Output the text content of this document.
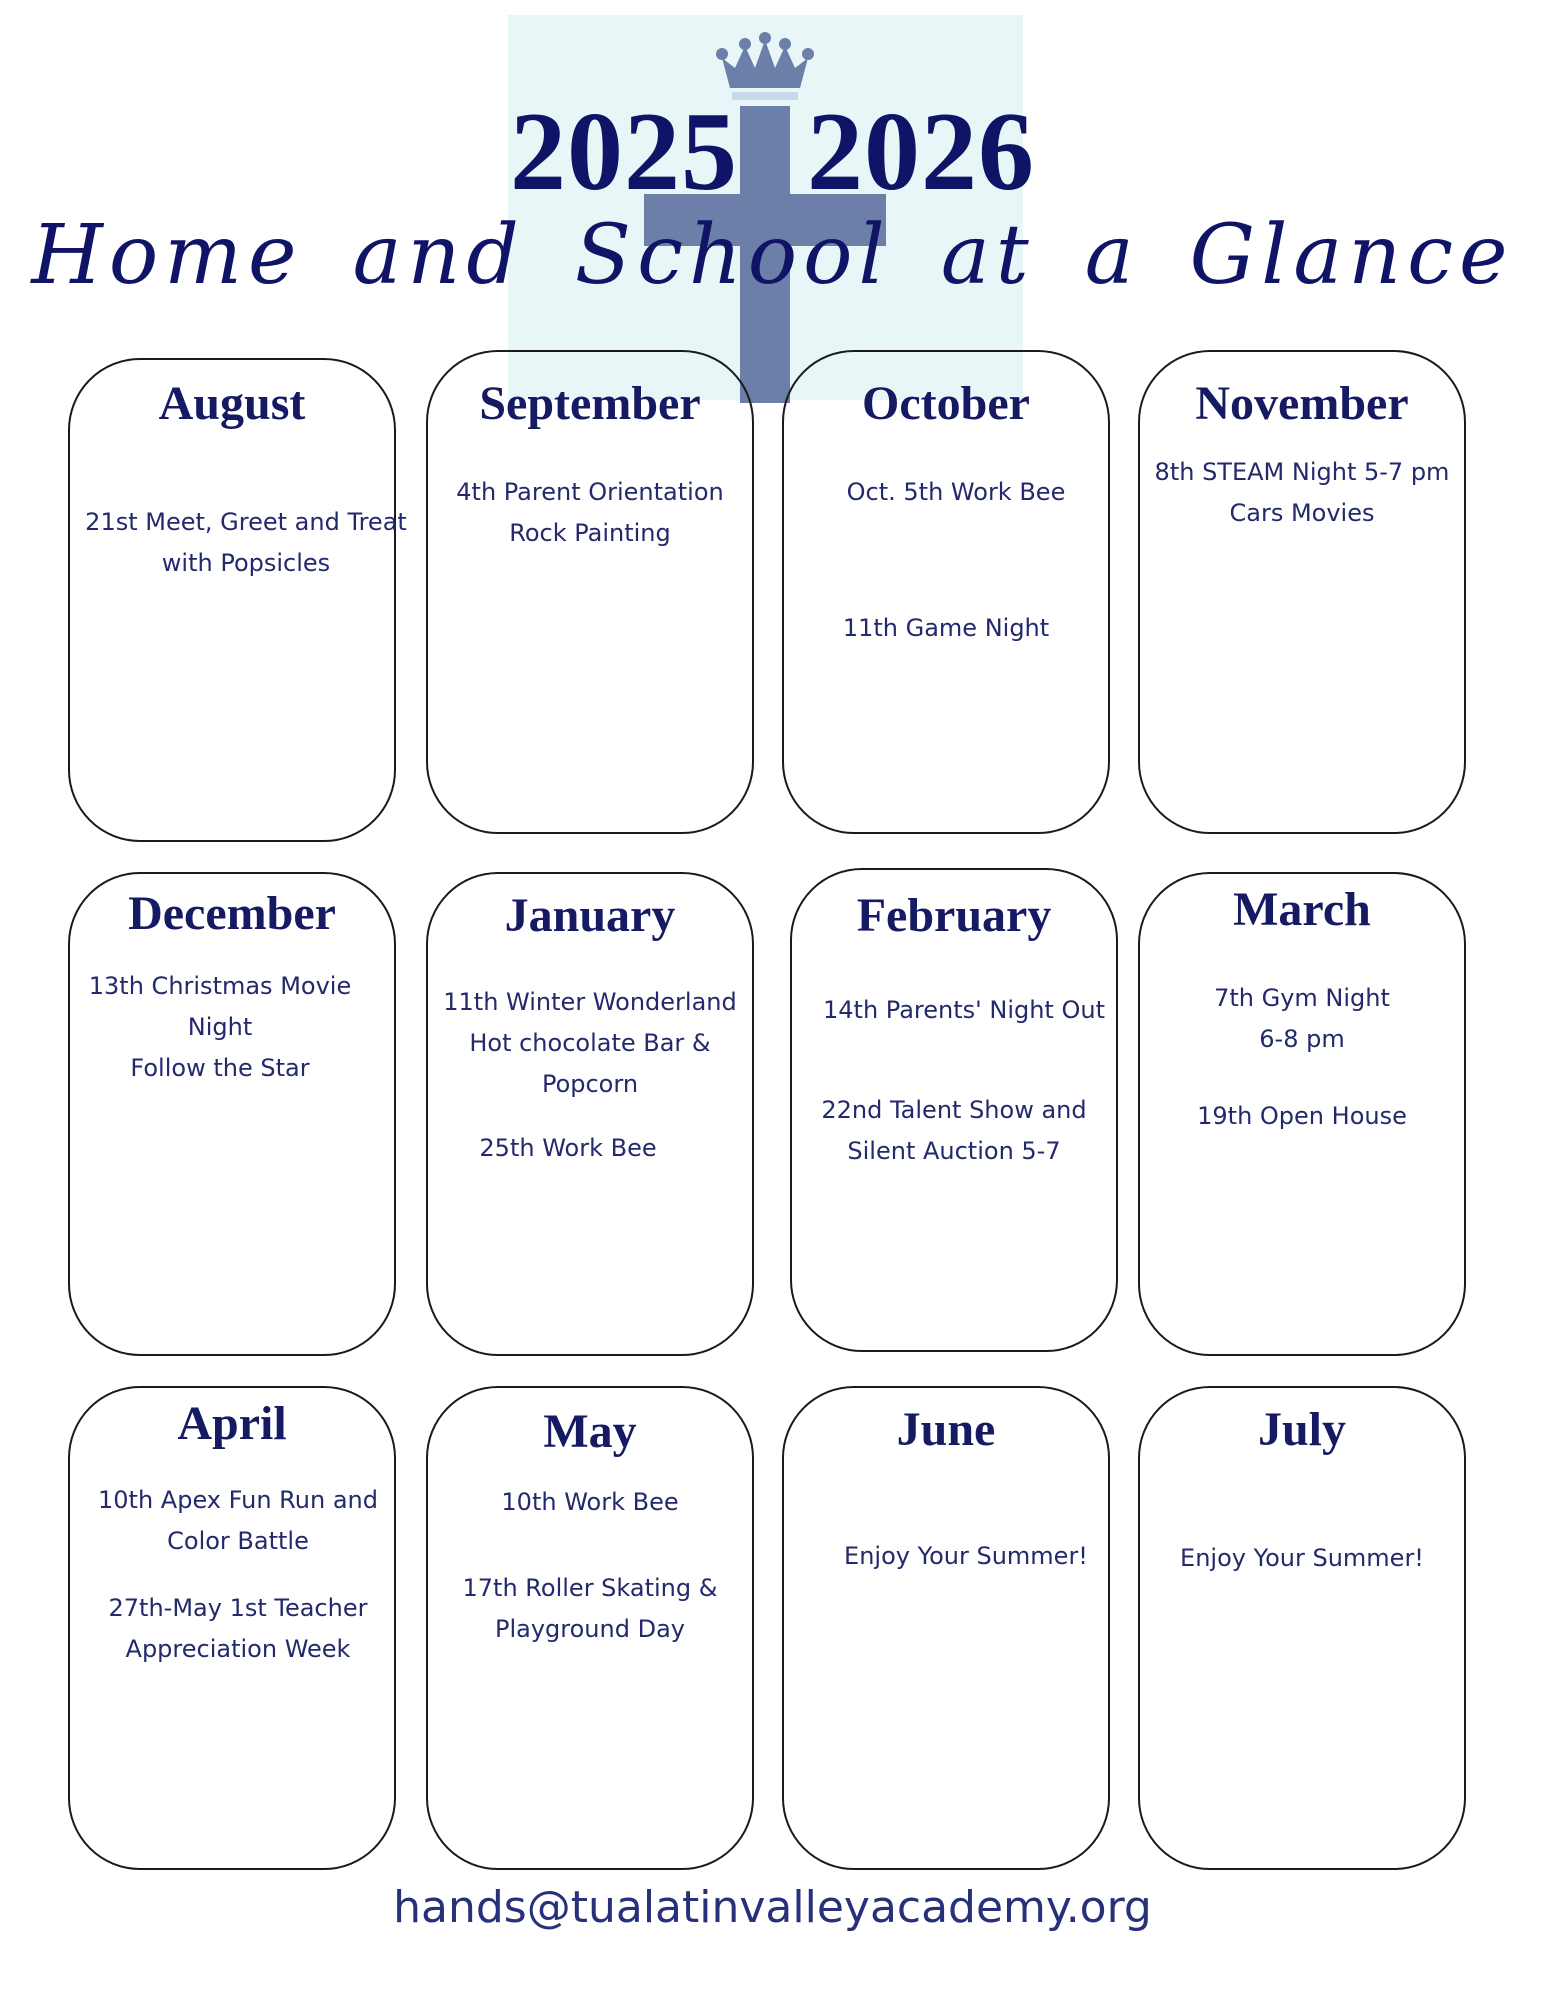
2025 2026
Home and School at a Glance
August
21st Meet, Greet and Treat
with Popsicles
September
4th Parent Orientation
Rock Painting
October
Oct. 5th Work Bee
11th Game Night
November
8th STEAM Night 5-7 pm
Cars Movies
December
13th Christmas Movie
Night
Follow the Star
January
11th Winter Wonderland
Hot chocolate Bar &
Popcorn
25th Work Bee
February
14th Parents' Night Out
22nd Talent Show and
Silent Auction 5-7
March
7th Gym Night
6-8 pm
19th Open House
April
10th Apex Fun Run and
Color Battle
27th-May 1st Teacher
Appreciation Week
May
10th Work Bee
17th Roller Skating &
Playground Day
June
Enjoy Your Summer!
July
Enjoy Your Summer!
hands@tualatinvalleyacademy.org
